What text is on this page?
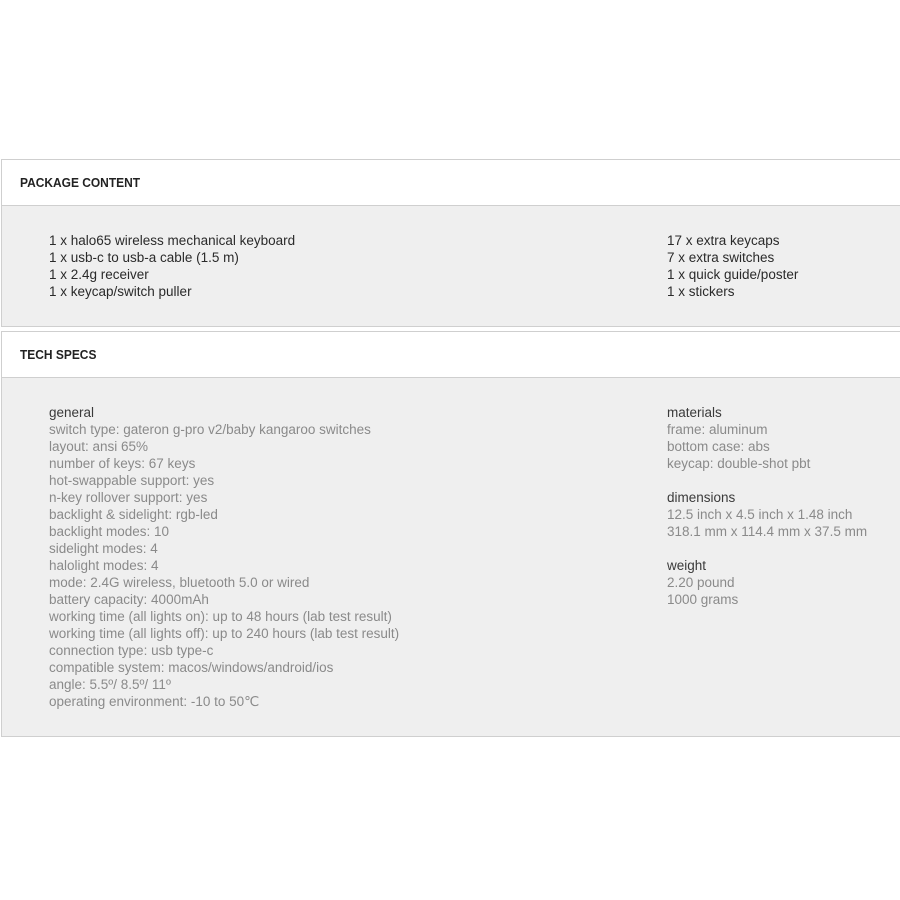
PACKAGE CONTENT
1 x halo65 wireless mechanical keyboard
1 x usb-c to usb-a cable (1.5 m)
1 x 2.4g receiver
1 x keycap/switch puller
17 x extra keycaps
7 x extra switches
1 x quick guide/poster
1 x stickers
TECH SPECS
general
switch type: gateron g-pro v2/baby kangaroo switches
layout: ansi 65%
number of keys: 67 keys
hot-swappable support: yes
n-key rollover support: yes
backlight & sidelight: rgb-led
backlight modes: 10
sidelight modes: 4
halolight modes: 4
mode: 2.4G wireless, bluetooth 5.0 or wired
battery capacity: 4000mAh
working time (all lights on): up to 48 hours (lab test result)
working time (all lights off): up to 240 hours (lab test result)
connection type: usb type-c
compatible system: macos/windows/android/ios
angle: 5.5º/ 8.5º/ 11º
operating environment: -10 to 50℃
materials
frame: aluminum
bottom case: abs
keycap: double-shot pbt
dimensions
12.5 inch x 4.5 inch x 1.48 inch
318.1 mm x 114.4 mm x 37.5 mm
weight
2.20 pound
1000 grams
